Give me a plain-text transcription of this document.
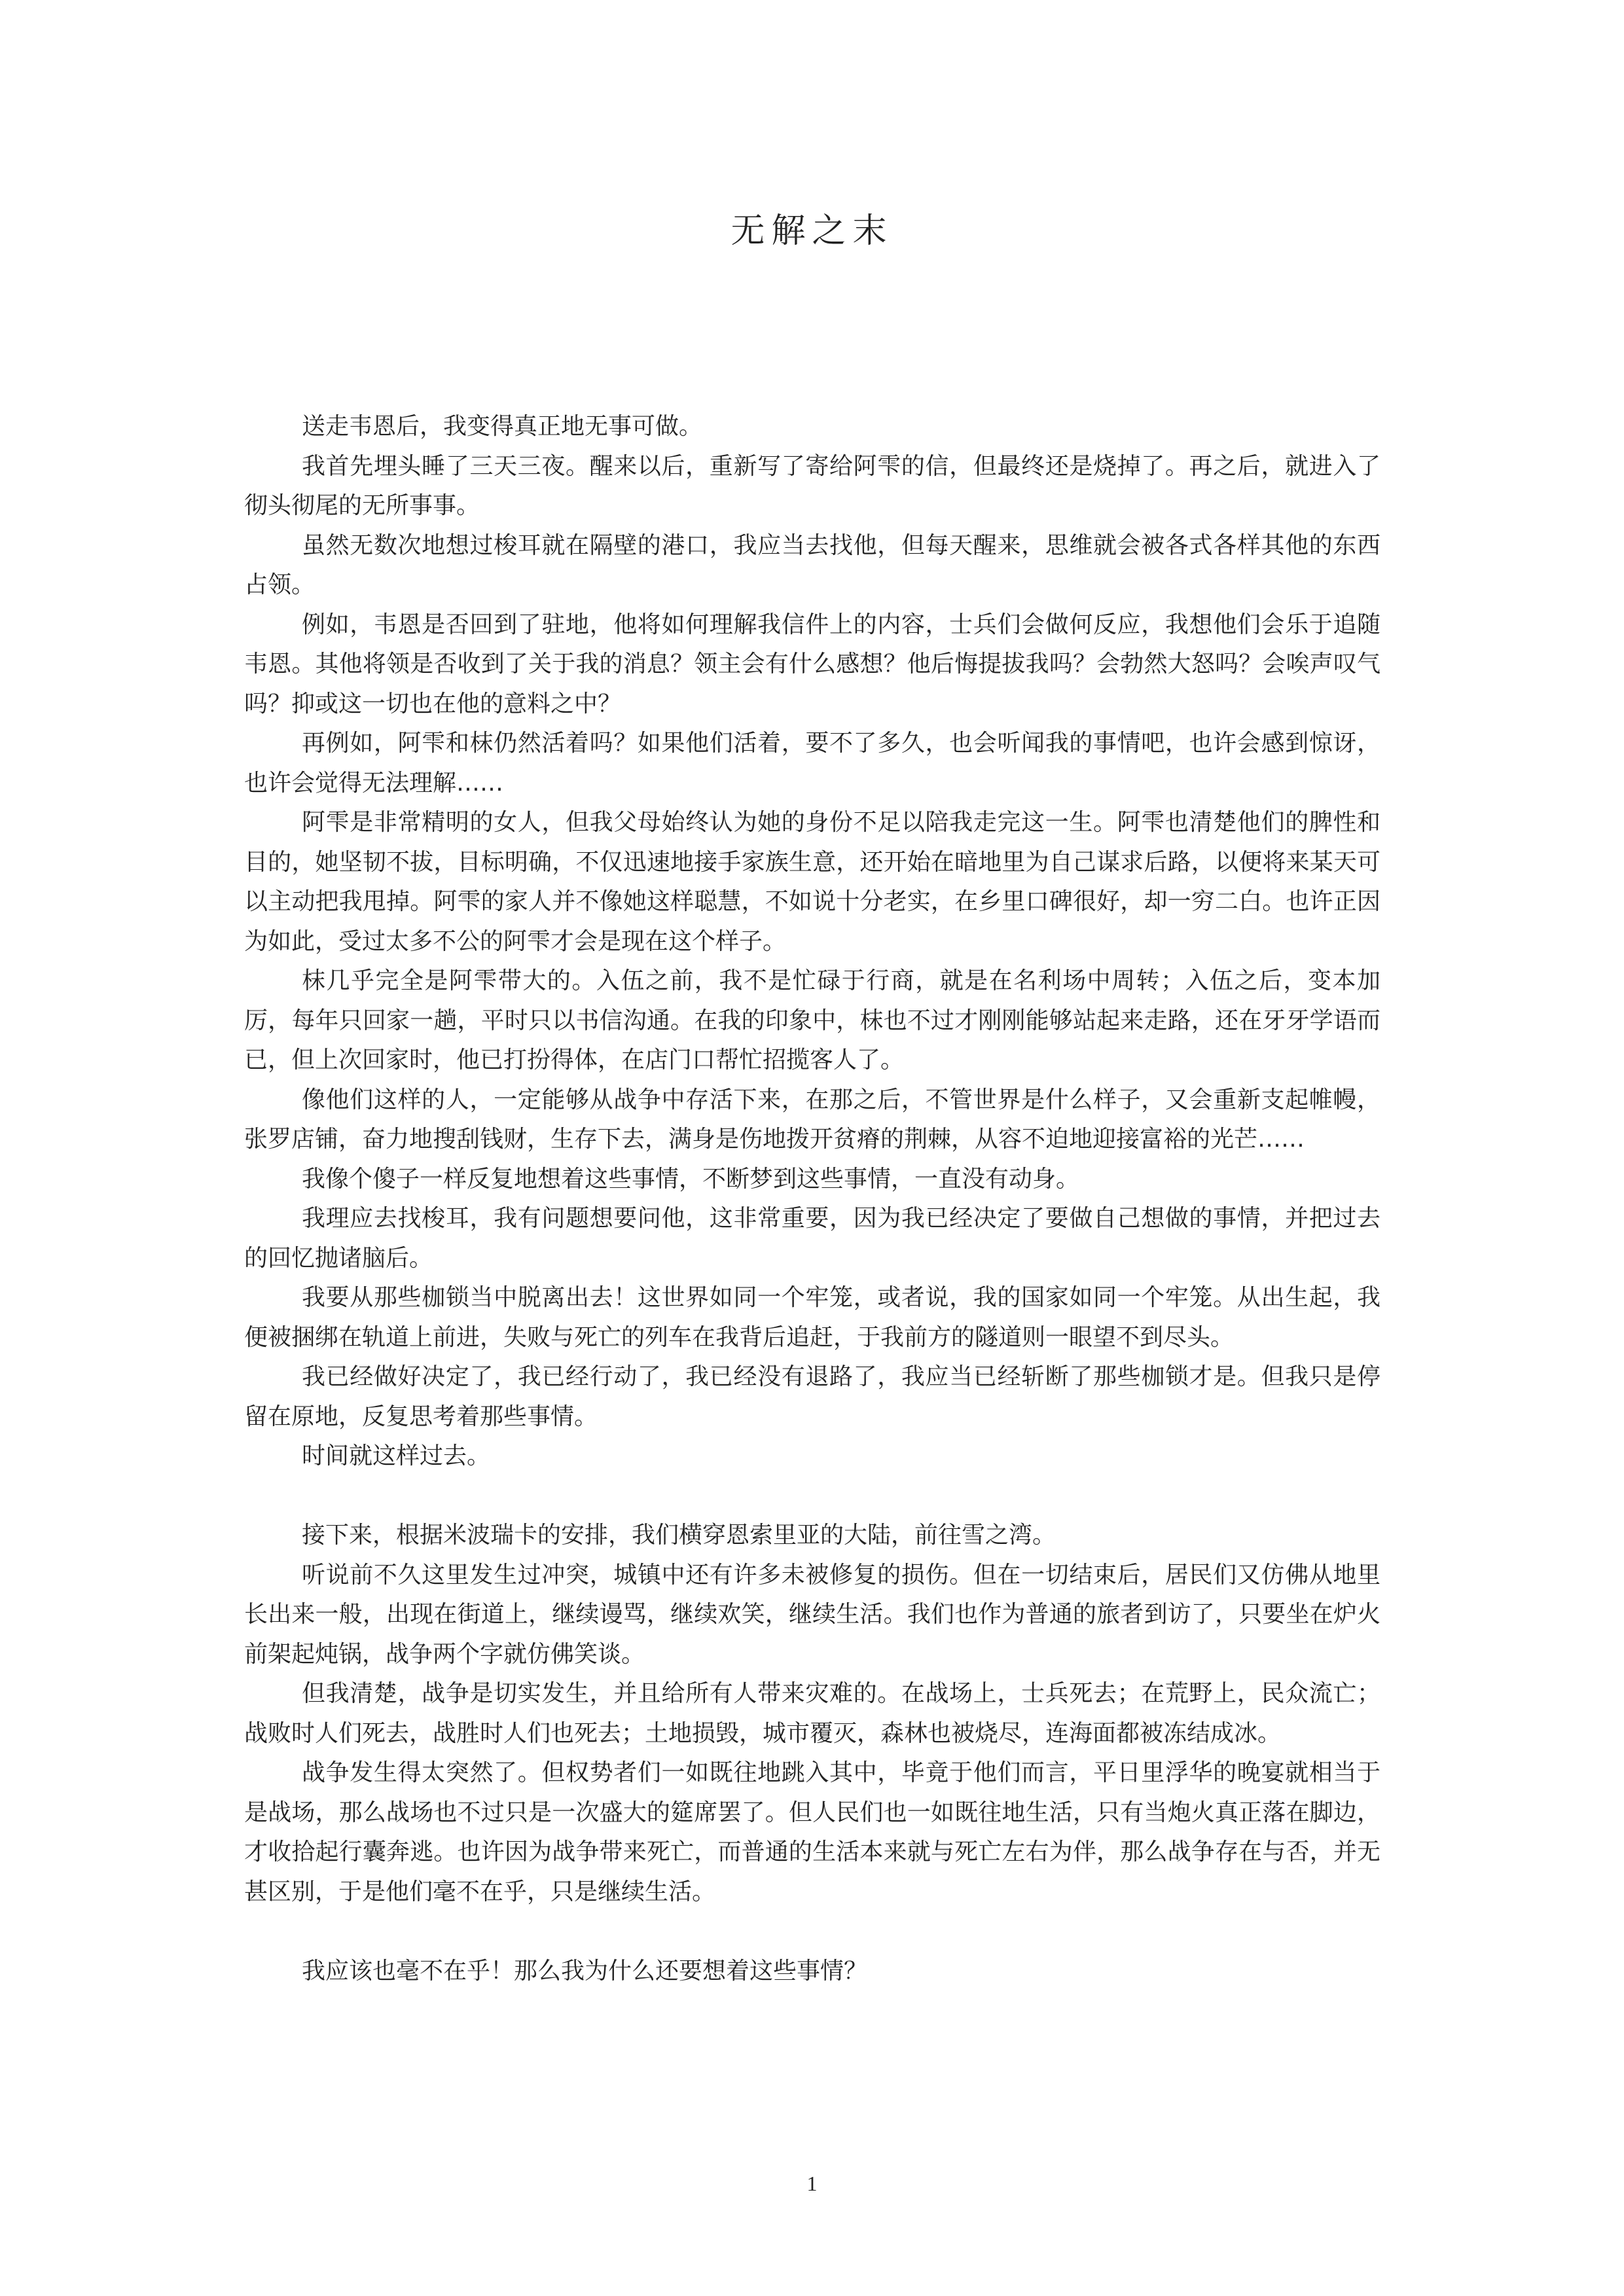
无解之末

送走韦恩后，我变得真正地无事可做。

我首先埋头睡了三天三夜。醒来以后，重新写了寄给阿雫的信，但最终还是烧掉了。再之后，就进入了彻头彻尾的无所事事。

虽然无数次地想过梭耳就在隔壁的港口，我应当去找他，但每天醒来，思维就会被各式各样其他的东西占领。

例如，韦恩是否回到了驻地，他将如何理解我信件上的内容，士兵们会做何反应，我想他们会乐于追随韦恩。其他将领是否收到了关于我的消息？领主会有什么感想？他后悔提拔我吗？会勃然大怒吗？会唉声叹气吗？抑或这一切也在他的意料之中？

再例如，阿雫和枺仍然活着吗？如果他们活着，要不了多久，也会听闻我的事情吧，也许会感到惊讶，也许会觉得无法理解……

阿雫是非常精明的女人，但我父母始终认为她的身份不足以陪我走完这一生。阿雫也清楚他们的脾性和目的，她坚韧不拔，目标明确，不仅迅速地接手家族生意，还开始在暗地里为自己谋求后路，以便将来某天可以主动把我甩掉。阿雫的家人并不像她这样聪慧，不如说十分老实，在乡里口碑很好，却一穷二白。也许正因为如此，受过太多不公的阿雫才会是现在这个样子。

枺几乎完全是阿雫带大的。入伍之前，我不是忙碌于行商，就是在名利场中周转；入伍之后，变本加厉，每年只回家一趟，平时只以书信沟通。在我的印象中，枺也不过才刚刚能够站起来走路，还在牙牙学语而已，但上次回家时，他已打扮得体，在店门口帮忙招揽客人了。

像他们这样的人，一定能够从战争中存活下来，在那之后，不管世界是什么样子，又会重新支起帷幔，张罗店铺，奋力地搜刮钱财，生存下去，满身是伤地拨开贫瘠的荆棘，从容不迫地迎接富裕的光芒……

我像个傻子一样反复地想着这些事情，不断梦到这些事情，一直没有动身。

我理应去找梭耳，我有问题想要问他，这非常重要，因为我已经决定了要做自己想做的事情，并把过去的回忆抛诸脑后。

我要从那些枷锁当中脱离出去！这世界如同一个牢笼，或者说，我的国家如同一个牢笼。从出生起，我便被捆绑在轨道上前进，失败与死亡的列车在我背后追赶，于我前方的隧道则一眼望不到尽头。

我已经做好决定了，我已经行动了，我已经没有退路了，我应当已经斩断了那些枷锁才是。但我只是停留在原地，反复思考着那些事情。

时间就这样过去。

接下来，根据米波瑞卡的安排，我们横穿恩索里亚的大陆，前往雪之湾。

听说前不久这里发生过冲突，城镇中还有许多未被修复的损伤。但在一切结束后，居民们又仿佛从地里长出来一般，出现在街道上，继续谩骂，继续欢笑，继续生活。我们也作为普通的旅者到访了，只要坐在炉火前架起炖锅，战争两个字就仿佛笑谈。

但我清楚，战争是切实发生，并且给所有人带来灾难的。在战场上，士兵死去；在荒野上，民众流亡；战败时人们死去，战胜时人们也死去；土地损毁，城市覆灭，森林也被烧尽，连海面都被冻结成冰。

战争发生得太突然了。但权势者们一如既往地跳入其中，毕竟于他们而言，平日里浮华的晚宴就相当于是战场，那么战场也不过只是一次盛大的筵席罢了。但人民们也一如既往地生活，只有当炮火真正落在脚边，才收拾起行囊奔逃。也许因为战争带来死亡，而普通的生活本来就与死亡左右为伴，那么战争存在与否，并无甚区别，于是他们毫不在乎，只是继续生活。

我应该也毫不在乎！那么我为什么还要想着这些事情？

1
